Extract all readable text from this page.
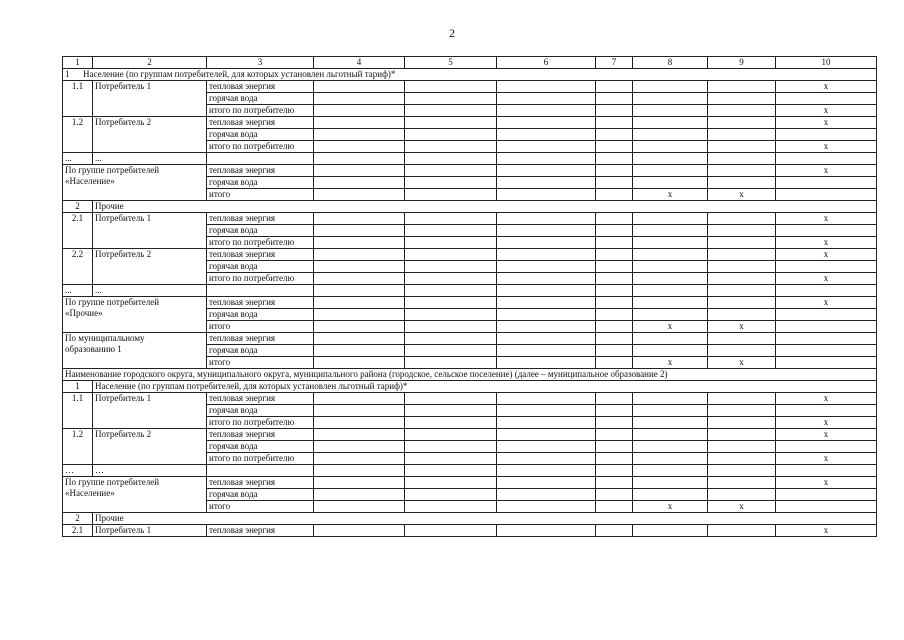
2
1	2	3	4	5	6	7	8	9	10
1 Население (по группам потребителей, для которых установлен льготный тариф)*									
1.1	Потребитель 1	тепловая энергия							x
		горячая вода							
		итого по потребителю							x
1.2	Потребитель 2	тепловая энергия							x
		горячая вода							
		итого по потребителю							x
...	...								
По группе потребителей
«Население»		тепловая энергия							x
		горячая вода							
		итого					x	x	
2	Прочие								
2.1	Потребитель 1	тепловая энергия							x
		горячая вода							
		итого по потребителю							x
2.2	Потребитель 2	тепловая энергия							x
		горячая вода							
		итого по потребителю							x
...	...								
По группе потребителей
«Прочие»		тепловая энергия							x
		горячая вода							
		итого					x	x	
По муниципальному
образованию 1		тепловая энергия							
		горячая вода							
		итого					x	x	
Наименование городского округа, муниципального округа, муниципального района (городское, сельское поселение) (далее – муниципальное образование 2)									
1	Население (по группам потребителей, для которых установлен льготный тариф)*								
1.1	Потребитель 1	тепловая энергия							x
		горячая вода							
		итого по потребителю							x
1.2	Потребитель 2	тепловая энергия							x
		горячая вода							
		итого по потребителю							x
…	…								
По группе потребителей
«Население»		тепловая энергия							x
		горячая вода							
		итого					x	x	
2	Прочие								
2.1	Потребитель 1	тепловая энергия							x
